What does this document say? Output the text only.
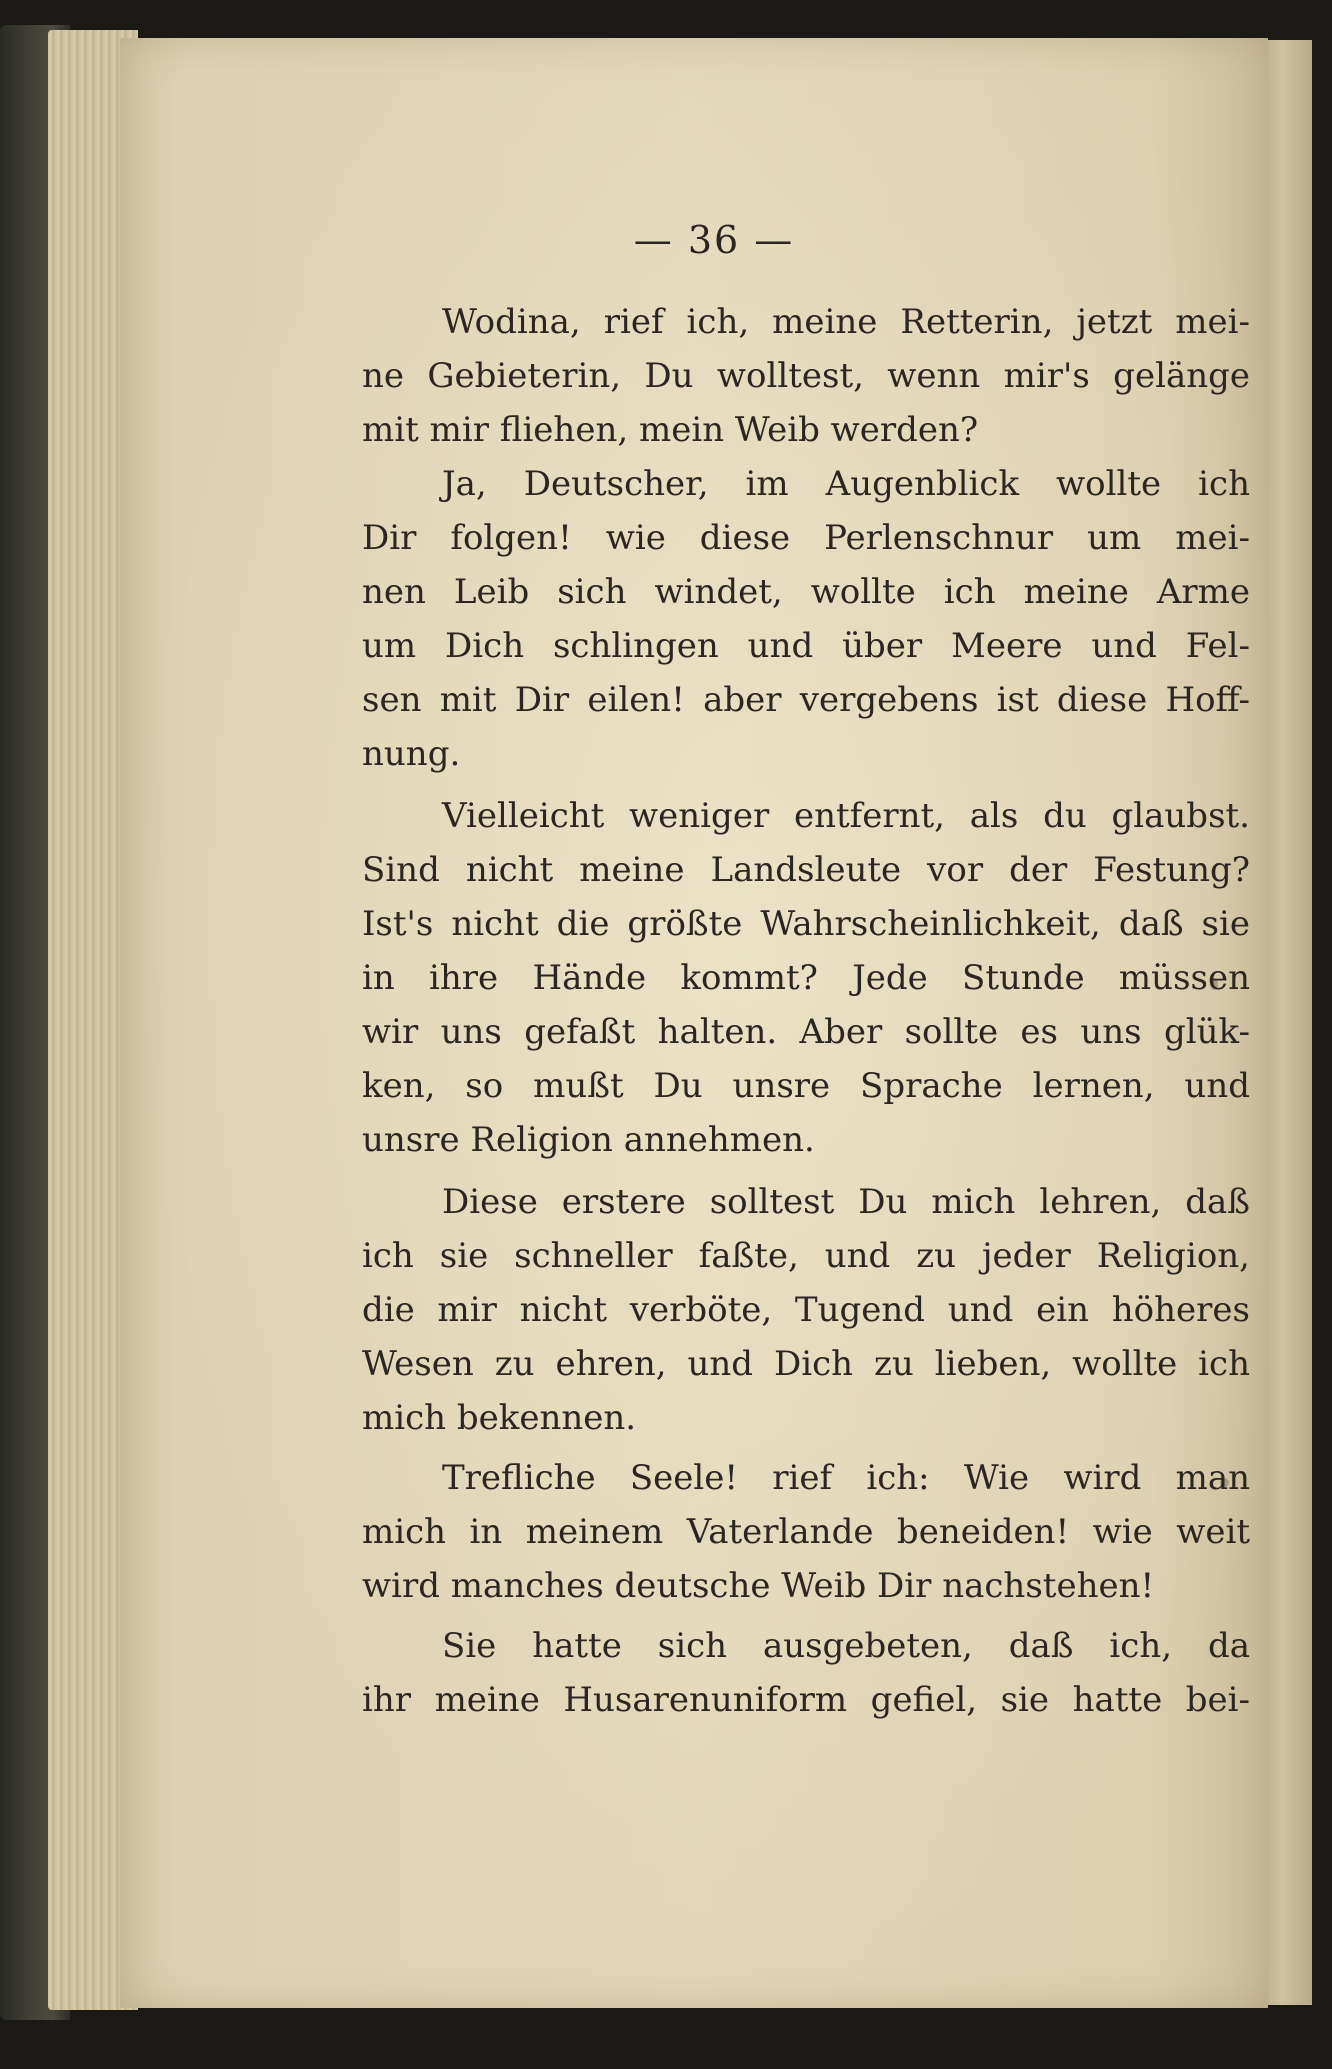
— 36 —
Wodina, rief ich, meine Retterin, jetzt mei-
ne Gebieterin, Du wolltest, wenn mir's gelänge
mit mir fliehen, mein Weib werden?
Ja, Deutscher, im Augenblick wollte ich
Dir folgen! wie diese Perlenschnur um mei-
nen Leib sich windet, wollte ich meine Arme
um Dich schlingen und über Meere und Fel-
sen mit Dir eilen! aber vergebens ist diese Hoff-
nung.
Vielleicht weniger entfernt, als du glaubst.
Sind nicht meine Landsleute vor der Festung?
Ist's nicht die größte Wahrscheinlichkeit, daß sie
in ihre Hände kommt? Jede Stunde müssen
wir uns gefaßt halten. Aber sollte es uns glük-
ken, so mußt Du unsre Sprache lernen, und
unsre Religion annehmen.
Diese erstere solltest Du mich lehren, daß
ich sie schneller faßte, und zu jeder Religion,
die mir nicht verböte, Tugend und ein höheres
Wesen zu ehren, und Dich zu lieben, wollte ich
mich bekennen.
Trefliche Seele! rief ich: Wie wird man
mich in meinem Vaterlande beneiden! wie weit
wird manches deutsche Weib Dir nachstehen!
Sie hatte sich ausgebeten, daß ich, da
ihr meine Husarenuniform gefiel, sie hatte bei-
